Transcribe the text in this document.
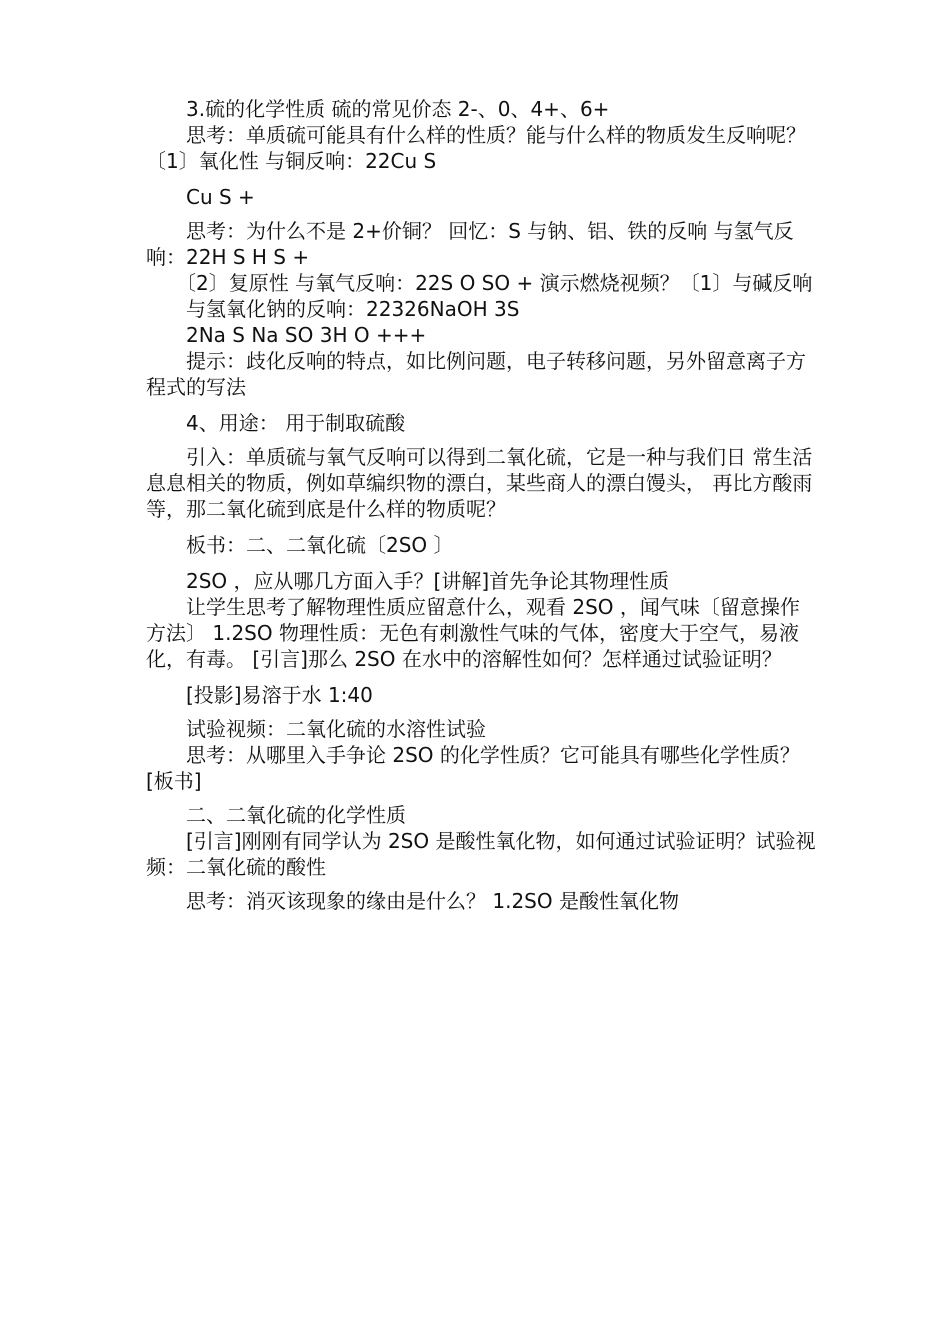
　　3.硫的化学性质 硫的常见价态 2-、0、4+、6+

　　思考：单质硫可能具有什么样的性质？能与什么样的物质发生反响呢？〔1〕氧化性 与铜反响：22Cu S

　　Cu S +

　　思考：为什么不是 2+价铜？ 回忆：S 与钠、铝、铁的反响 与氢气反响：22H S H S +

　　〔2〕复原性 与氧气反响：22S O SO + 演示燃烧视频？〔1〕与碱反响

　　与氢氧化钠的反响：22326NaOH 3S

　　2Na S Na SO 3H O +++

　　提示：歧化反响的特点，如比例问题，电子转移问题，另外留意离子方程式的写法

　　4、用途： 用于制取硫酸

　　引入：单质硫与氧气反响可以得到二氧化硫，它是一种与我们日 常生活息息相关的物质，例如草编织物的漂白，某些商人的漂白馒头， 再比方酸雨等，那二氧化硫到底是什么样的物质呢？

　　板书：二、二氧化硫〔2SO 〕

　　2SO ，应从哪几方面入手？[讲解]首先争论其物理性质

　　让学生思考了解物理性质应留意什么，观看 2SO ，闻气味〔留意操作方法〕 1.2SO 物理性质：无色有刺激性气味的气体，密度大于空气，易液化，有毒。 [引言]那么 2SO 在水中的溶解性如何？怎样通过试验证明？

　　[投影]易溶于水 1:40

　　试验视频：二氧化硫的水溶性试验

　　思考：从哪里入手争论 2SO 的化学性质？它可能具有哪些化学性质？ [板书]

　　二、二氧化硫的化学性质

　　[引言]刚刚有同学认为 2SO 是酸性氧化物，如何通过试验证明？试验视频：二氧化硫的酸性

　　思考：消灭该现象的缘由是什么？ 1.2SO 是酸性氧化物
